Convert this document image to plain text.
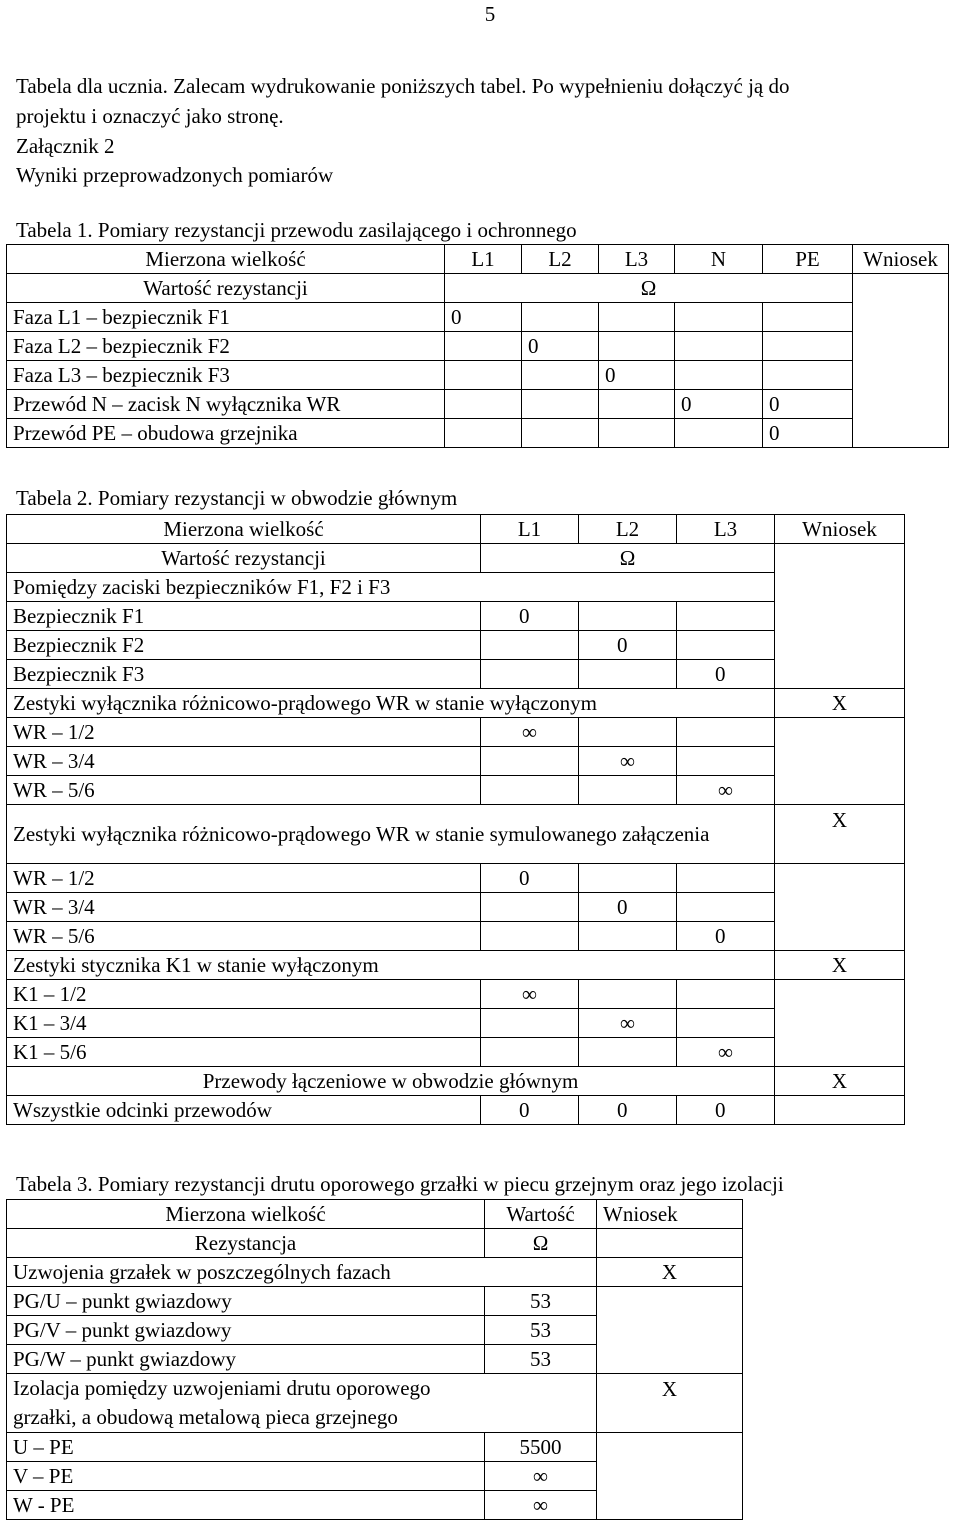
5
Tabela dla ucznia. Zalecam wydrukowanie poniższych tabel. Po wypełnieniu dołączyć ją do
projektu i oznaczyć jako stronę.
Załącznik 2
Wyniki przeprowadzonych pomiarów
Tabela 1. Pomiary rezystancji przewodu zasilającego i ochronnego
Mierzona wielkość	L1	L2	L3	N	PE	Wniosek
Wartość rezystancji	Ω					
Faza L1 – bezpiecznik F1	0					
Faza L2 – bezpiecznik F2		0				
Faza L3 – bezpiecznik F3			0			
Przewód N – zacisk N wyłącznika WR				0	0	
Przewód PE – obudowa grzejnika					0	
Tabela 2. Pomiary rezystancji w obwodzie głównym
Mierzona wielkość	L1	L2	L3	Wniosek
Wartość rezystancji	Ω			
Pomiędzy zaciski bezpieczników F1, F2 i F3				
Bezpiecznik F1	0			
Bezpiecznik F2		0		
Bezpiecznik F3			0	
Zestyki wyłącznika różnicowo-prądowego WR w stanie wyłączonym				X
WR – 1/2	∞			
WR – 3/4		∞		
WR – 5/6			∞	
Zestyki wyłącznika różnicowo-prądowego WR w stanie symulowanego załączenia				X
WR – 1/2	0			
WR – 3/4		0		
WR – 5/6			0	
Zestyki stycznika K1 w stanie wyłączonym				X
K1 – 1/2	∞			
K1 – 3/4		∞		
K1 – 5/6			∞	
Przewody łączeniowe w obwodzie głównym				X
Wszystkie odcinki przewodów	0	0	0	
Tabela 3. Pomiary rezystancji drutu oporowego grzałki w piecu grzejnym oraz jego izolacji
Mierzona wielkość	Wartość	Wniosek
Rezystancja	Ω	
Uzwojenia grzałek w poszczególnych fazach		X
PG/U – punkt gwiazdowy	53	
PG/V – punkt gwiazdowy	53	
PG/W – punkt gwiazdowy	53	
Izolacja pomiędzy uzwojeniami drutu oporowego grzałki, a obudową metalową pieca grzejnego		X
U – PE	5500	
V – PE	∞	
W - PE	∞	
